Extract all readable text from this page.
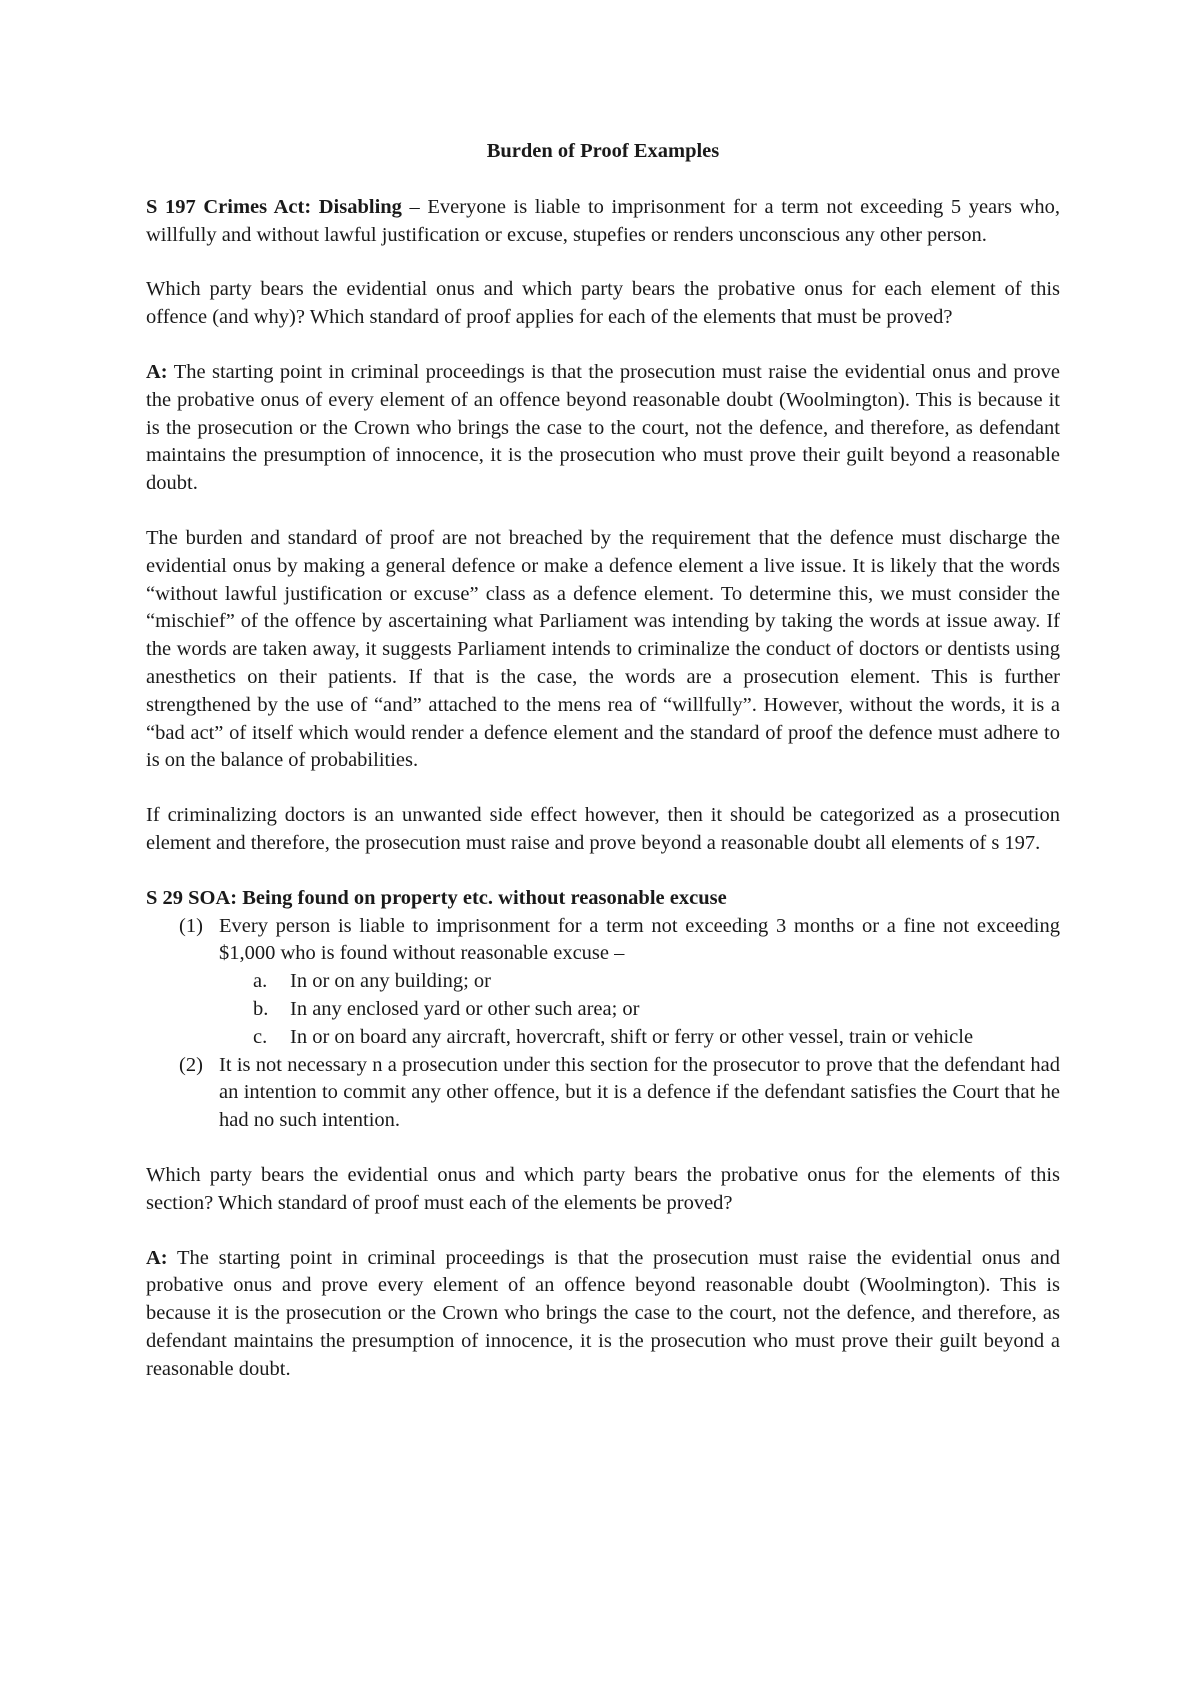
Burden of Proof Examples

S 197 Crimes Act: Disabling – Everyone is liable to imprisonment for a term not exceeding 5 years who, willfully and without lawful justification or excuse, stupefies or renders unconscious any other person.

Which party bears the evidential onus and which party bears the probative onus for each element of this offence (and why)? Which standard of proof applies for each of the elements that must be proved?

A: The starting point in criminal proceedings is that the prosecution must raise the evidential onus and prove the probative onus of every element of an offence beyond reasonable doubt (Woolmington). This is because it is the prosecution or the Crown who brings the case to the court, not the defence, and therefore, as defendant maintains the presumption of innocence, it is the prosecution who must prove their guilt beyond a reasonable doubt.

The burden and standard of proof are not breached by the requirement that the defence must discharge the evidential onus by making a general defence or make a defence element a live issue. It is likely that the words “without lawful justification or excuse” class as a defence element. To determine this, we must consider the “mischief” of the offence by ascertaining what Parliament was intending by taking the words at issue away. If the words are taken away, it suggests Parliament intends to criminalize the conduct of doctors or dentists using anesthetics on their patients. If that is the case, the words are a prosecution element. This is further strengthened by the use of “and” attached to the mens rea of “willfully”. However, without the words, it is a “bad act” of itself which would render a defence element and the standard of proof the defence must adhere to is on the balance of probabilities.

If criminalizing doctors is an unwanted side effect however, then it should be categorized as a prosecution element and therefore, the prosecution must raise and prove beyond a reasonable doubt all elements of s 197.

S 29 SOA: Being found on property etc. without reasonable excuse

(1) Every person is liable to imprisonment for a term not exceeding 3 months or a fine not exceeding $1,000 who is found without reasonable excuse –
a. In or on any building; or
b. In any enclosed yard or other such area; or
c. In or on board any aircraft, hovercraft, shift or ferry or other vessel, train or vehicle
(2) It is not necessary n a prosecution under this section for the prosecutor to prove that the defendant had an intention to commit any other offence, but it is a defence if the defendant satisfies the Court that he had no such intention.

Which party bears the evidential onus and which party bears the probative onus for the elements of this section? Which standard of proof must each of the elements be proved?

A: The starting point in criminal proceedings is that the prosecution must raise the evidential onus and probative onus and prove every element of an offence beyond reasonable doubt (Woolmington). This is because it is the prosecution or the Crown who brings the case to the court, not the defence, and therefore, as defendant maintains the presumption of innocence, it is the prosecution who must prove their guilt beyond a reasonable doubt.
